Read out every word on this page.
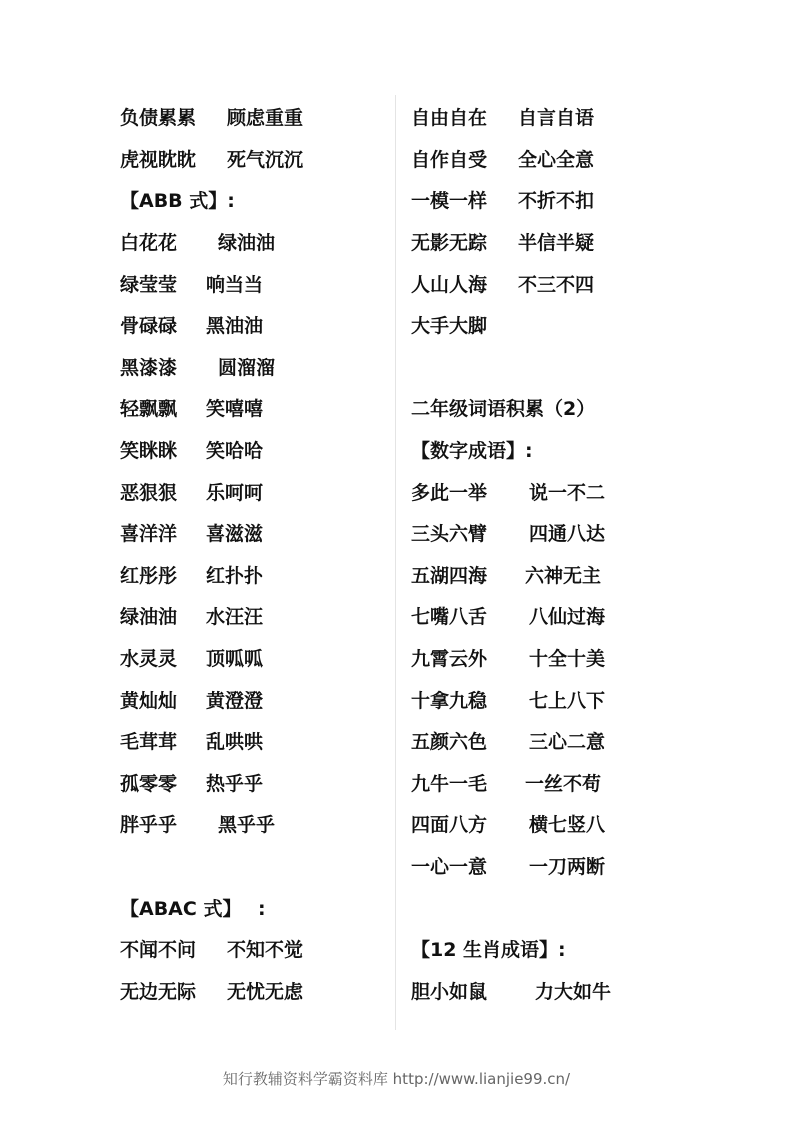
负债累累 顾虑重重
虎视眈眈 死气沉沉
【ABB 式】:
白花花 绿油油
绿莹莹 响当当
骨碌碌 黑油油
黑漆漆 圆溜溜
轻飘飘 笑嘻嘻
笑眯眯 笑哈哈
恶狠狠 乐呵呵
喜洋洋 喜滋滋
红彤彤 红扑扑
绿油油 水汪汪
水灵灵 顶呱呱
黄灿灿 黄澄澄
毛茸茸 乱哄哄
孤零零 热乎乎
胖乎乎 黑乎乎
【ABAC 式】 :
不闻不问 不知不觉
无边无际 无忧无虑
自由自在 自言自语
自作自受 全心全意
一模一样 不折不扣
无影无踪 半信半疑
人山人海 不三不四
大手大脚
二年级词语积累（2）
【数字成语】:
多此一举 说一不二
三头六臂 四通八达
五湖四海 六神无主
七嘴八舌 八仙过海
九霄云外 十全十美
十拿九稳 七上八下
五颜六色 三心二意
九牛一毛 一丝不苟
四面八方 横七竖八
一心一意 一刀两断
【12 生肖成语】:
胆小如鼠	力大如牛
知行教辅资料学霸资料库 http://www.lianjie99.cn/
